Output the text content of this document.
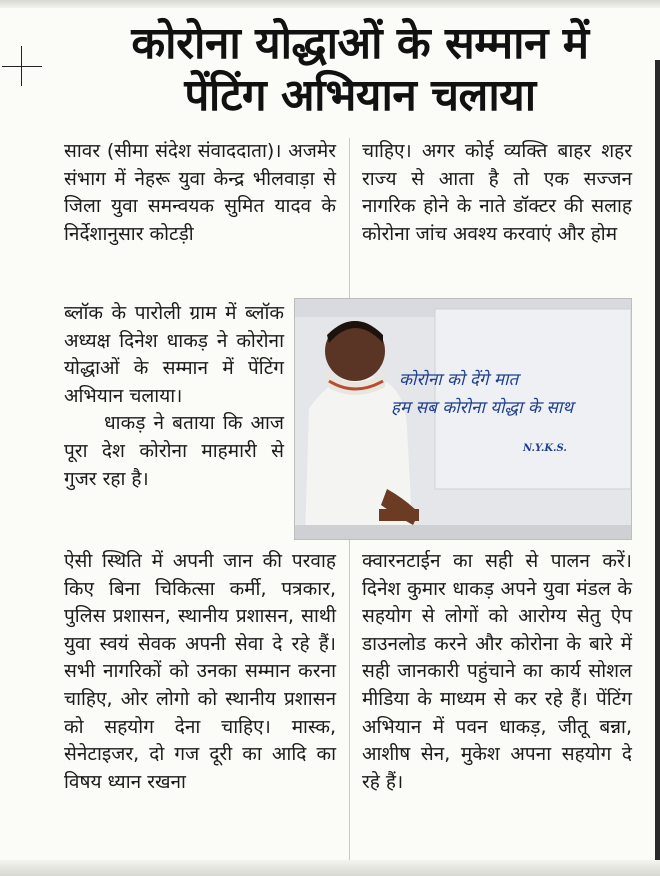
कोरोना योद्धाओं के सम्मान में
पेंटिंग अभियान चलाया

सावर (सीमा संदेश संवाददाता)। अजमेर संभाग में नेहरू युवा केन्द्र भीलवाड़ा से जिला युवा समन्वयक सुमित यादव के निर्देशानुसार कोटड़ी

ब्लॉक के पारोली ग्राम में ब्लॉक अध्यक्ष दिनेश धाकड़ ने कोरोना योद्धाओं के सम्मान में पेंटिंग अभियान चलाया।

धाकड़ ने बताया कि आज पूरा देश कोरोना माहमारी से गुजर रहा है।

ऐसी स्थिति में अपनी जान की परवाह किए बिना चिकित्सा कर्मी, पत्रकार, पुलिस प्रशासन, स्थानीय प्रशासन, साथी युवा स्वयं सेवक अपनी सेवा दे रहे हैं। सभी नागरिकों को उनका सम्मान करना चाहिए, ओर लोगो को स्थानीय प्रशासन को सहयोग देना चाहिए। मास्क, सेनेटाइजर, दो गज दूरी का आदि का विषय ध्यान रखना

चाहिए। अगर कोई व्यक्ति बाहर शहर राज्य से आता है तो एक सज्जन नागरिक होने के नाते डॉक्टर की सलाह कोरोना जांच अवश्य करवाएं और होम

क्वारनटाईन का सही से पालन करें। दिनेश कुमार धाकड़ अपने युवा मंडल के सहयोग से लोगों को आरोग्य सेतु ऐप डाउनलोड करने और कोरोना के बारे में सही जानकारी पहुंचाने का कार्य सोशल मीडिया के माध्यम से कर रहे हैं। पेंटिंग अभियान में पवन धाकड़, जीतू बन्ना, आशीष सेन, मुकेश अपना सहयोग दे रहे हैं।

कोरोना को देंगे मात
हम सब कोरोना योद्धा के साथ
N.Y.K.S.
